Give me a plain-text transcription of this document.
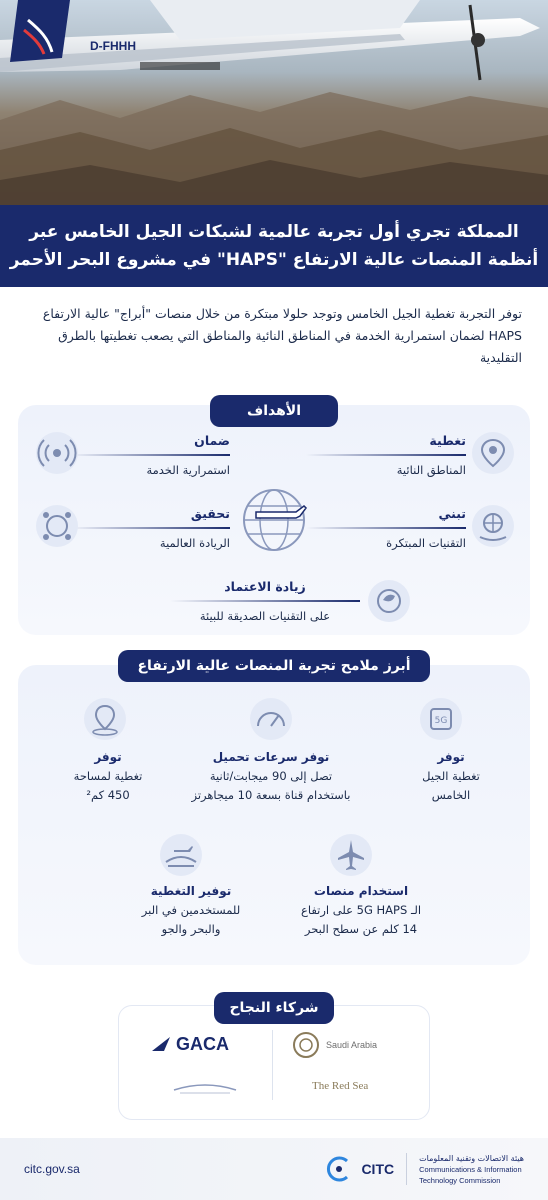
D-FHHH
المملكة تجري أول تجربة عالمية لشبكات الجيل الخامس عبر
أنظمة المنصات عالية الارتفاع "HAPS" في مشروع البحر الأحمر
توفر التجربة تغطية الجيل الخامس وتوجد حلولا مبتكرة من خلال منصات "أبراج" عالية الارتفاع HAPS لضمان استمرارية الخدمة في المناطق النائية والمناطق التي يصعب تغطيتها بالطرق التقليدية
الأهداف
تغطية
المناطق النائية
ضمان
استمرارية الخدمة
تبني
التقنيات المبتكرة
تحقيق
الريادة العالمية
زيادة الاعتماد
على التقنيات الصديقة للبيئة
أبرز ملامح تجربة المنصات عالية الارتفاع
5G
توفر
تغطية الجيل
الخامس
توفر سرعات تحميل
تصل إلى 90 ميجابت/ثانية
باستخدام قناة بسعة 10 ميجاهرتز
توفر
تغطية لمساحة
450 كم²
استخدام منصات
الـ 5G HAPS على ارتفاع
14 كلم عن سطح البحر
توفير التغطية
للمستخدمين في البر
والبحر والجو
شركاء النجاح
GACA	Saudi Arabia
The Red Sea
CITC
هيئة الاتصالات وتقنية المعلومات
Communications & Information
Technology Commission
citc.gov.sa
